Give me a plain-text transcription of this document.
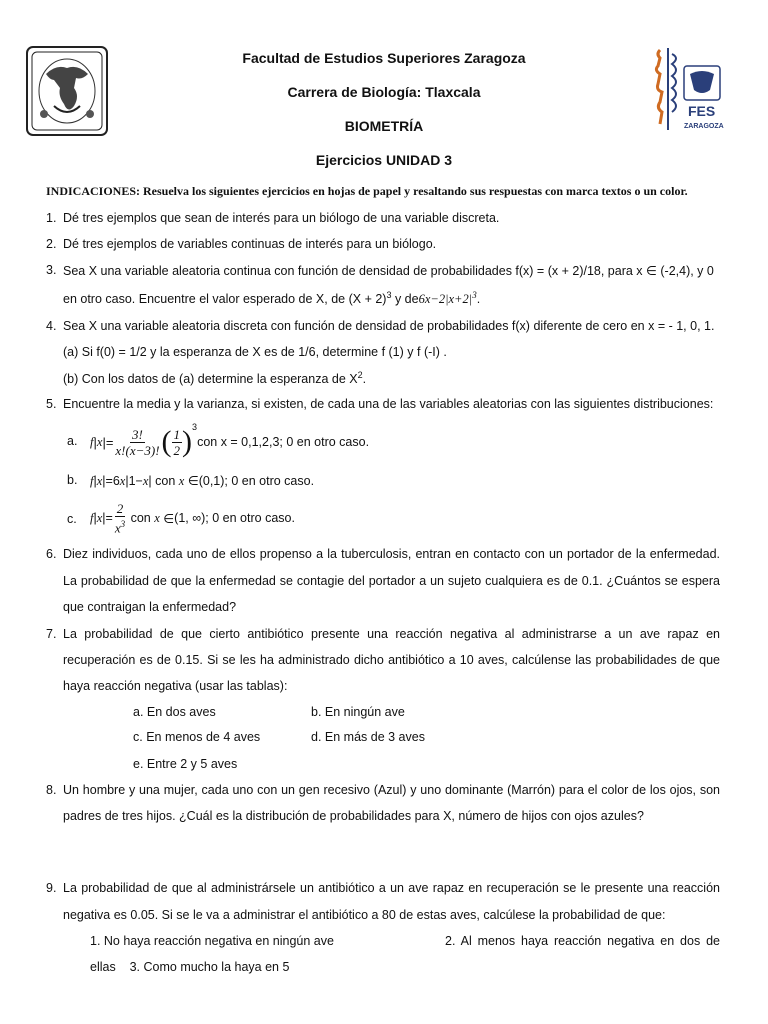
FES
ZARAGOZA
Facultad de Estudios Superiores Zaragoza
Carrera de Biología: Tlaxcala
BIOMETRÍA
Ejercicios UNIDAD 3
INDICACIONES: Resuelva los siguientes ejercicios en hojas de papel y resaltando sus respuestas con marca textos o un color.
1. Dé tres ejemplos que sean de interés para un biólogo de una variable discreta.
2. Dé tres ejemplos de variables continuas de interés para un biólogo.
3. Sea X una variable aleatoria continua con función de densidad de probabilidades f(x) = (x + 2)/18, para x ∈ (-2,4), y 0
en otro caso. Encuentre el valor esperado de X, de $(X + 2)^3$ y $de6x-2|x+2|^3$.
4. Sea X una variable aleatoria discreta con función de densidad de probabilidades f(x) diferente de cero en x = - 1, 0, 1.
(a) Si f(0) = 1/2 y la esperanza de X es de 1/6, determine f (1) y f (-I) .
(b) Con los datos de (a) determine la esperanza de $X^2$.
5. Encuentre la media y la varianza, si existen, de cada una de las variables aleatorias con las siguientes distribuciones:
a. f | x |= $\frac{3!}{x!(x-3)!}$ ( $\frac{1}{2} )^3$
con x = 0,1,2,3; 0 en otro caso.
b. f|x|=6x|1−x| con x ∈(0,1); 0 en otro caso.
c. f | x |= $\frac{2}{x^3}$ con x ∈ (1, ∞); 0 en otro caso.
6. Diez individuos, cada uno de ellos propenso a la tuberculosis, entran en contacto con un portador de la enfermedad.
La probabilidad de que la enfermedad se contagie del portador a un sujeto cualquiera es de 0.1. ¿Cuántos se espera
que contraigan la enfermedad?
7. La probabilidad de que cierto antibiótico presente una reacción negativa al administrarse a un ave rapaz en
recuperación es de 0.15. Si se les ha administrado dicho antibiótico a 10 aves, calcúlense las probabilidades de que
haya reacción negativa (usar las tablas):
a. En dos aves	b. En ningún ave
c. En menos de 4 aves	d. En más de 3 aves
e. Entre 2 y 5 aves
8. Un hombre y una mujer, cada uno con un gen recesivo (Azul) y uno dominante (Marrón) para el color de los ojos, son
padres de tres hijos. ¿Cuál es la distribución de probabilidades para X, número de hijos con ojos azules?
9. La probabilidad de que al administrársele un antibiótico a un ave rapaz en recuperación se le presente una reacción
negativa es 0.05. Si se le va a administrar el antibiótico a 80 de estas aves, calcúlese la probabilidad de que:
1. No haya reacción negativa en ningún ave	2. Al menos haya reacción negativa en dos de
ellas    3. Como mucho la haya en 5
